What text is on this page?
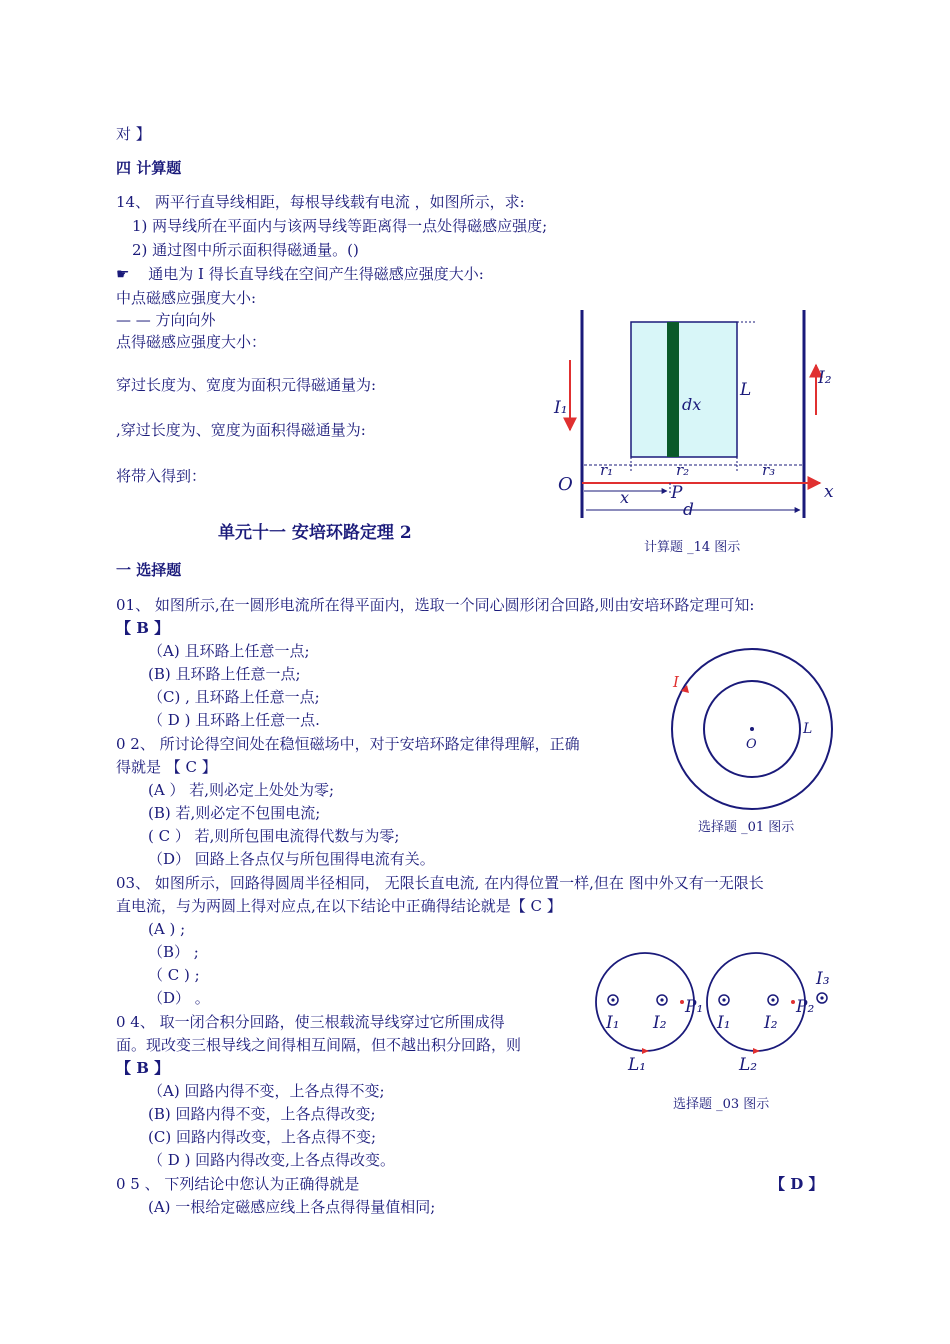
对 】
四 计算题
14、 两平行直导线相距，每根导线载有电流 ，如图所示，求:
1) 两导线所在平面内与该两导线等距离得一点处得磁感应强度;
2) 通过图中所示面积得磁通量。()
☛ 通电为 I 得长直导线在空间产生得磁感应强度大小:
中点磁感应强度大小:
— — 方向向外
点得磁感应强度大小：
穿过长度为、宽度为面积元得磁通量为:
,穿过长度为、宽度为面积得磁通量为:
将带入得到：
单元十一 安培环路定理 2
一 选择题
01、 如图所示,在一圆形电流所在得平面内，选取一个同心圆形闭合回路,则由安培环路定理可知:
【 B 】
（A) 且环路上任意一点;
(B) 且环路上任意一点;
（C) , 且环路上任意一点;
（ D ) 且环路上任意一点.
0 2、 所讨论得空间处在稳恒磁场中，对于安培环路定律得理解，正确
得就是 【 C 】
(A ） 若,则必定上处处为零;
(B) 若,则必定不包围电流;
( C ） 若,则所包围电流得代数与为零;
（D） 回路上各点仅与所包围得电流有关。
03、 如图所示，回路得圆周半径相同， 无限长直电流, 在内得位置一样,但在 图中外又有一无限长
直电流，与为两圆上得对应点,在以下结论中正确得结论就是【 C 】
(A ) ;
（B） ;
（ C ) ;
（D） 。
0 4、 取一闭合积分回路，使三根载流导线穿过它所围成得
面。现改变三根导线之间得相互间隔，但不越出积分回路，则
【 B 】
（A) 回路内得不变，上各点得不变;
(B) 回路内得不变，上各点得改变;
(C) 回路内得改变，上各点得不变;
（ D ) 回路内得改变,上各点得改变。
0 5 、 下列结论中您认为正确得就是	【 D 】
(A) 一根给定磁感应线上各点得得量值相同;
dx
L
I₁
I₂
r₁	r₂	r₃
O	x
x P
d
计算题 _14 图示
I
L
O
选择题 _01 图示
I₁ I₂
P₁
L₁
I₁ I₂
P₂
L₂
I₃
选择题 _03 图示
